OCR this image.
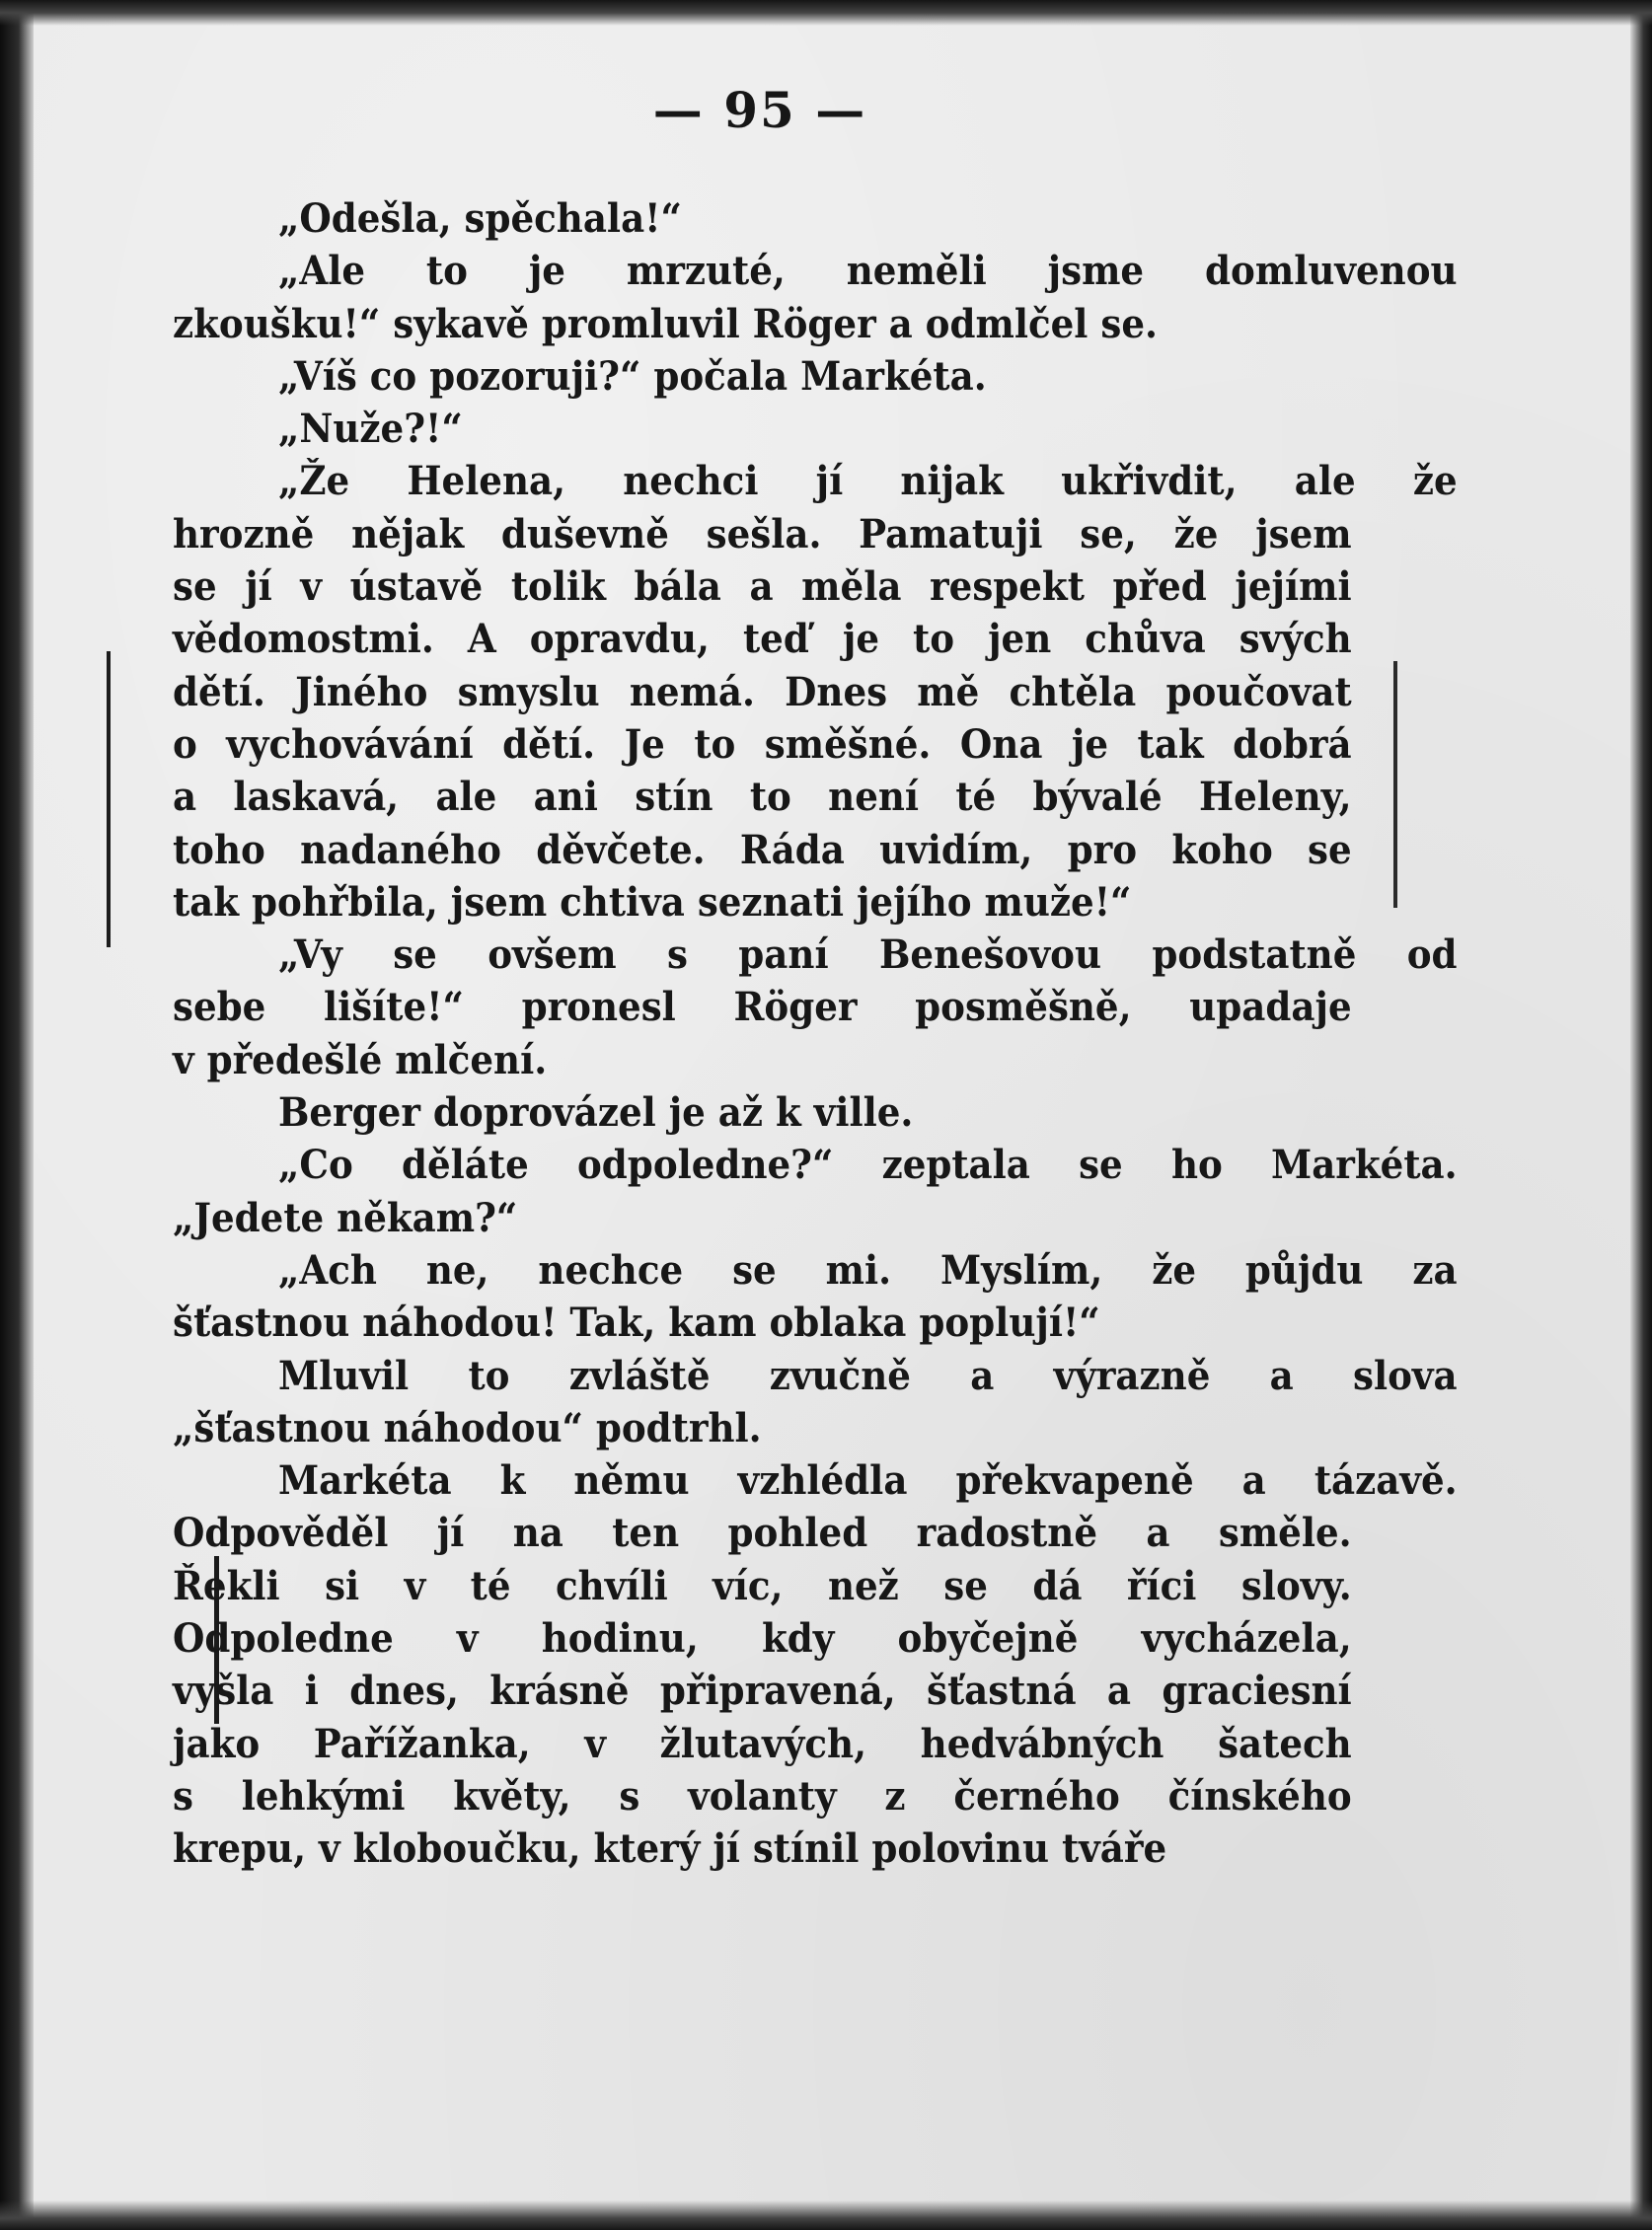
— 95 —
„Odešla, spěchala!“
„Ale to je mrzuté, neměli jsme domluvenou
zkoušku!“ sykavě promluvil Röger a odmlčel se.
„Víš co pozoruji?“ počala Markéta.
„Nuže?!“
„Že Helena, nechci jí nijak ukřivdit, ale že
hrozně nějak duševně sešla. Pamatuji se, že jsem
se jí v ústavě tolik bála a měla respekt před jejími
vědomostmi. A opravdu, teď je to jen chůva svých
dětí. Jiného smyslu nemá. Dnes mě chtěla poučovat
o vychovávání dětí. Je to směšné. Ona je tak dobrá
a laskavá, ale ani stín to není té bývalé Heleny,
toho nadaného děvčete. Ráda uvidím, pro koho se
tak pohřbila, jsem chtiva seznati jejího muže!“
„Vy se ovšem s paní Benešovou podstatně od
sebe lišíte!“ pronesl Röger posměšně, upadaje
v předešlé mlčení.
Berger doprovázel je až k ville.
„Co děláte odpoledne?“ zeptala se ho Markéta.
„Jedete někam?“
„Ach ne, nechce se mi. Myslím, že půjdu za
šťastnou náhodou! Tak, kam oblaka poplují!“
Mluvil to zvláště zvučně a výrazně a slova
„šťastnou náhodou“ podtrhl.
Markéta k němu vzhlédla překvapeně a tázavě.
Odpověděl jí na ten pohled radostně a směle.
Řekli si v té chvíli víc, než se dá říci slovy.
Odpoledne v hodinu, kdy obyčejně vycházela,
vyšla i dnes, krásně připravená, šťastná a graciesní
jako Pařížanka, v žlutavých, hedvábných šatech
s lehkými květy, s volanty z černého čínského
krepu, v kloboučku, který jí stínil polovinu tváře
